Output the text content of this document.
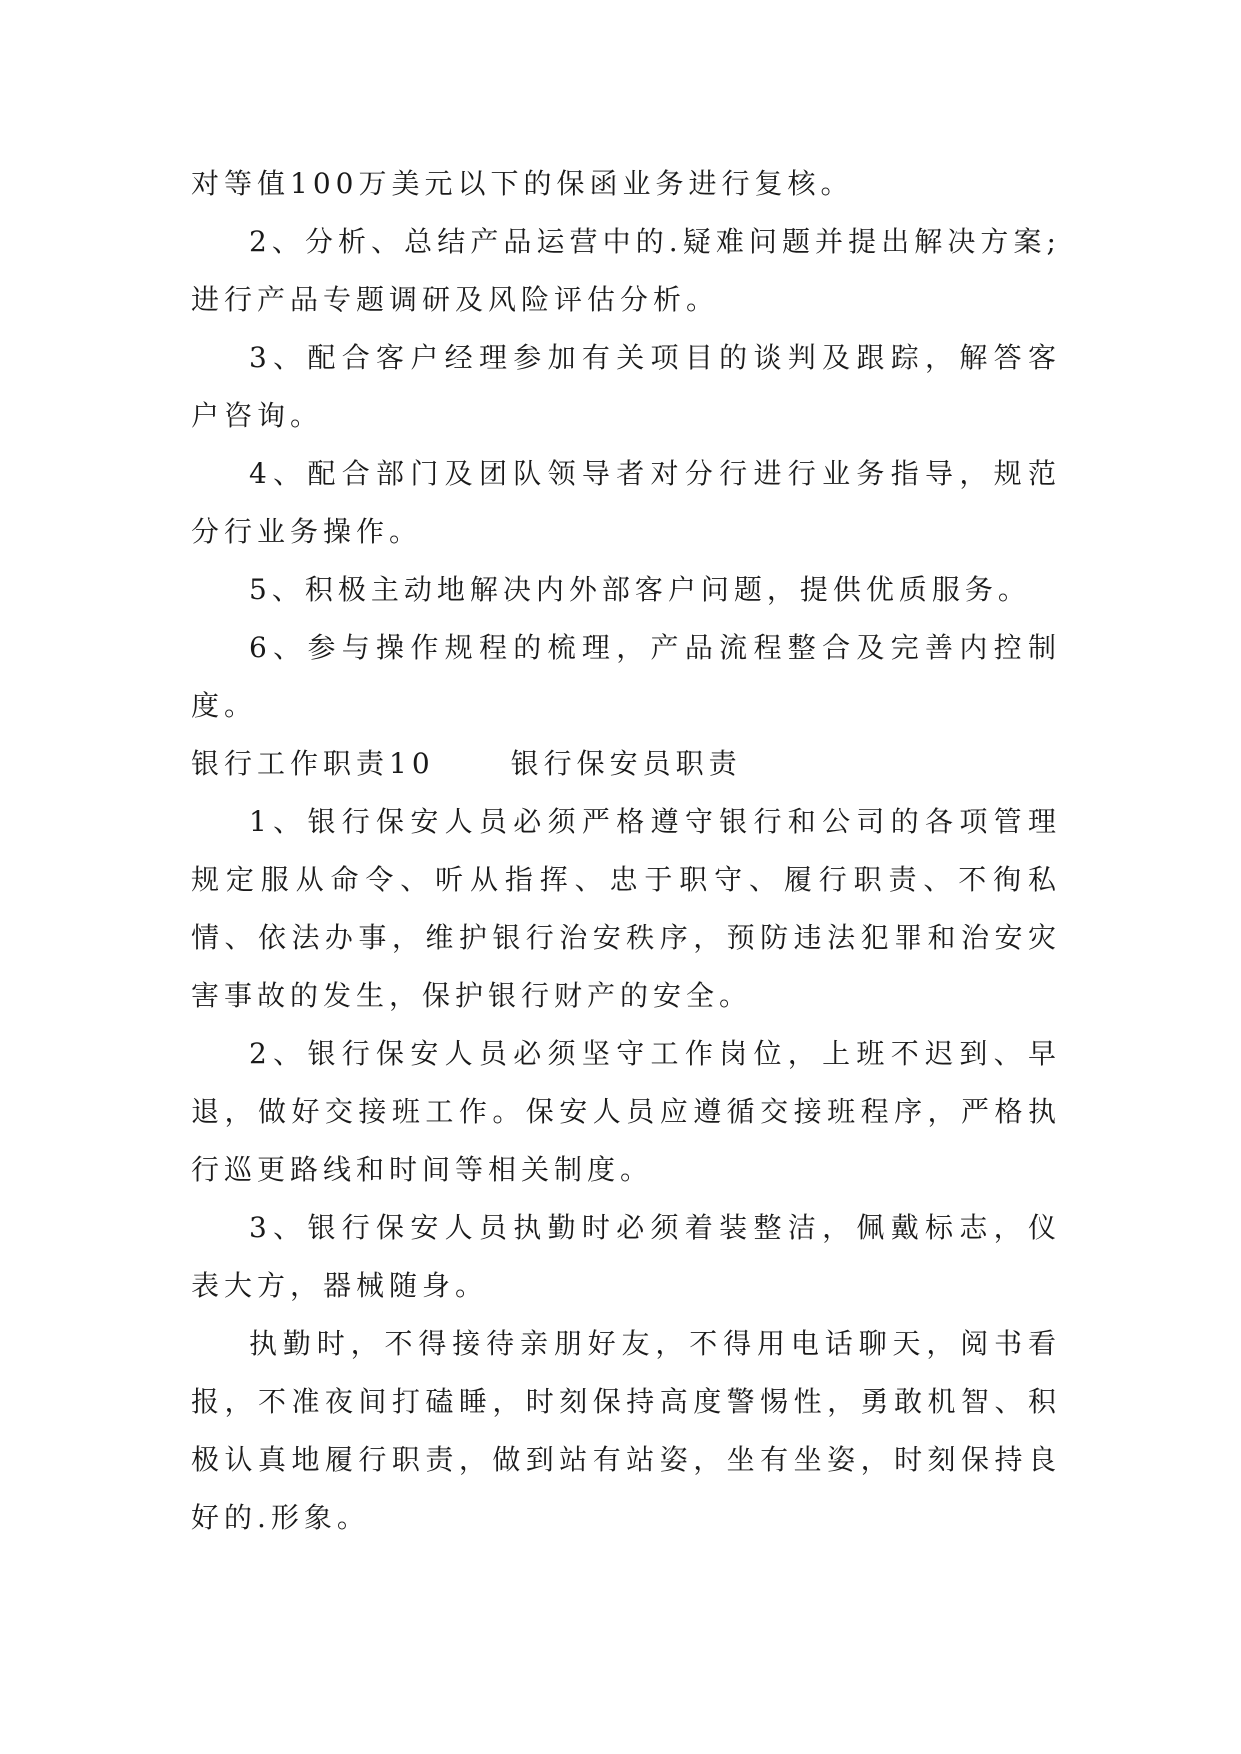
对等值100万美元以下的保函业务进行复核。

2、分析、总结产品运营中的.疑难问题并提出解决方案;进行产品专题调研及风险评估分析。

3、配合客户经理参加有关项目的谈判及跟踪，解答客户咨询。

4、配合部门及团队领导者对分行进行业务指导，规范分行业务操作。

5、积极主动地解决内外部客户问题，提供优质服务。

6、参与操作规程的梳理，产品流程整合及完善内控制度。

银行工作职责10	银行保安员职责

1、银行保安人员必须严格遵守银行和公司的各项管理规定服从命令、听从指挥、忠于职守、履行职责、不徇私情、依法办事，维护银行治安秩序，预防违法犯罪和治安灾害事故的发生，保护银行财产的安全。

2、银行保安人员必须坚守工作岗位，上班不迟到、早退，做好交接班工作。保安人员应遵循交接班程序，严格执行巡更路线和时间等相关制度。

3、银行保安人员执勤时必须着装整洁，佩戴标志，仪表大方，器械随身。

执勤时，不得接待亲朋好友，不得用电话聊天，阅书看报，不准夜间打磕睡，时刻保持高度警惕性，勇敢机智、积极认真地履行职责，做到站有站姿，坐有坐姿，时刻保持良好的.形象。
